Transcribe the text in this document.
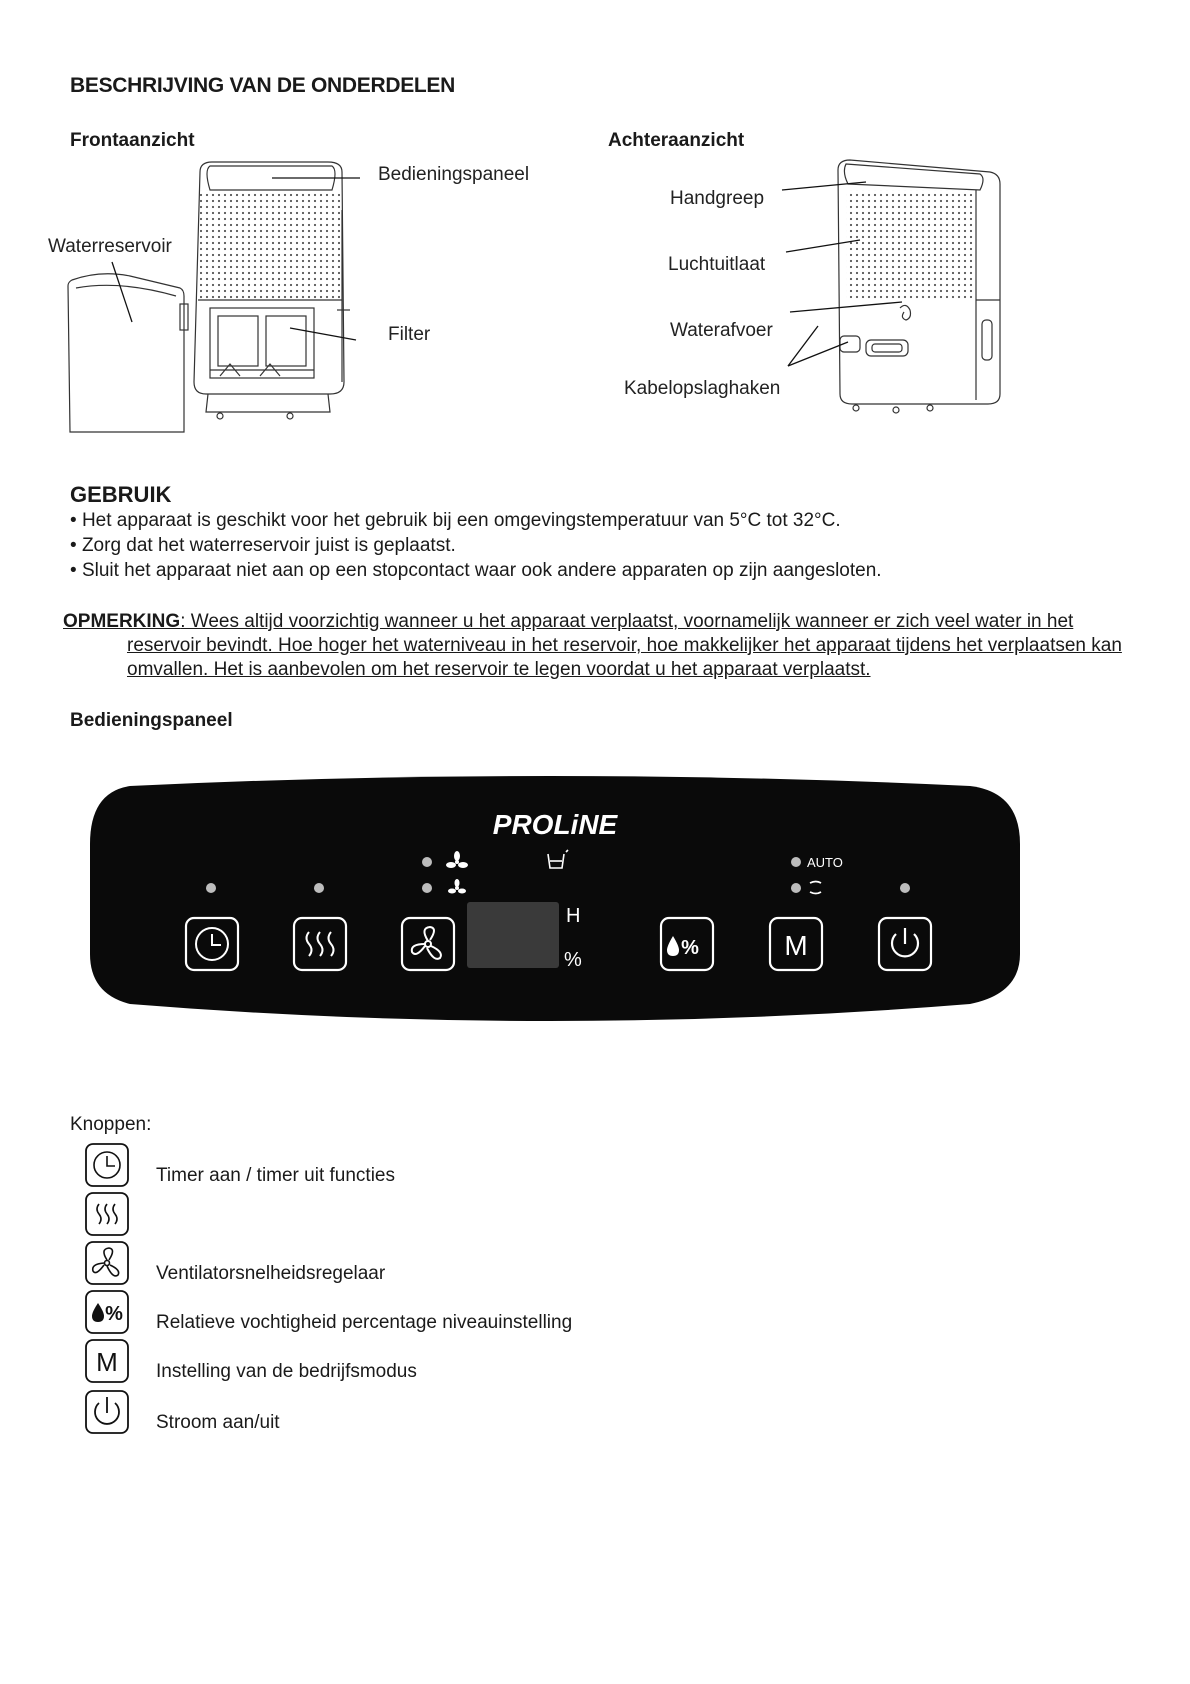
BESCHRIJVING VAN DE ONDERDELEN
Frontaanzicht
Bedieningspaneel
Waterreservoir
Filter
Achteraanzicht
Handgreep
Luchtuitlaat
Waterafvoer
Kabelopslaghaken
GEBRUIK
• Het apparaat is geschikt voor het gebruik bij een omgevingstemperatuur van 5°C tot 32°C.
• Zorg dat het waterreservoir juist is geplaatst.
• Sluit het apparaat niet aan op een stopcontact waar ook andere apparaten op zijn aangesloten.
OPMERKING: Wees altijd voorzichtig wanneer u het apparaat verplaatst, voornamelijk wanneer er zich veel water in het
reservoir bevindt. Hoe hoger het waterniveau in het reservoir, hoe makkelijker het apparaat tijdens het verplaatsen kan omvallen. Het is aanbevolen om het reservoir te legen voordat u het apparaat verplaatst.
Bedieningspaneel
PROLiNE
AUTO
H
%
%	M
Knoppen:
Timer aan / timer uit functies
Ventilatorsnelheidsregelaar
% Relatieve vochtigheid percentage niveauinstelling
M Instelling van de bedrijfsmodus
Stroom aan/uit
